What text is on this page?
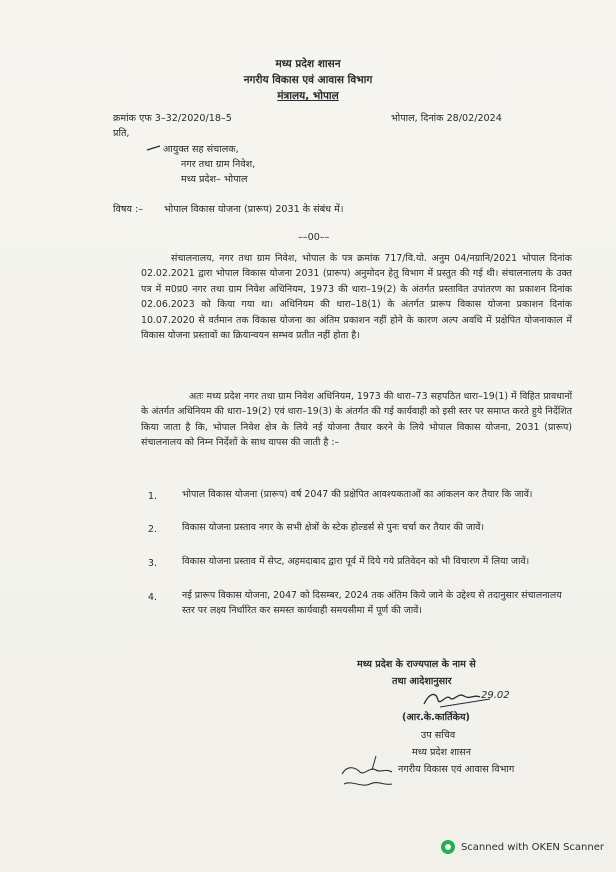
मध्य प्रदेश शासन
नगरीय विकास एवं आवास विभाग
मंत्रालय, भोपाल
क्रमांक एफ 3–32/2020/18–5	भोपाल, दिनांक 28/02/2024
प्रति,
आयुक्त सह संचालक,
नगर तथा ग्राम निवेश,
मध्य प्रदेश– भोपाल
विषय :– भोपाल विकास योजना (प्रारूप) 2031 के संबंध में।
––00––
संचालनालय, नगर तथा ग्राम निवेश, भोपाल के पत्र क्रमांक 717/वि.यो. अनुम 04/नग्रानि/2021 भोपाल दिनांक 02.02.2021 द्वारा भोपाल विकास योजना 2031 (प्रारूप) अनुमोदन हेतु विभाग में प्रस्तुत की गई थी। संचालनालय के उक्त पत्र में म0प्र0 नगर तथा ग्राम निवेश अधिनियम, 1973 की धारा–19(2) के अंतर्गत प्रस्तावित उपांतरण का प्रकाशन दिनांक 02.06.2023 को किया गया था। अधिनियम की धारा–18(1) के अंतर्गत प्रारूप विकास योजना प्रकाशन दिनांक 10.07.2020 से वर्तमान तक विकास योजना का अंतिम प्रकाशन नहीं होने के कारण अल्प अवधि में प्रक्षेपित योजनाकाल में विकास योजना प्रस्तावों का क्रियान्वयन सम्भव प्रतीत नहीं होता है।
अतः मध्य प्रदेश नगर तथा ग्राम निवेश अधिनियम, 1973 की धारा–73 सहपठित धारा–19(1) में विहित प्रावधानों के अंतर्गत अधिनियम की धारा–19(2) एवं धारा–19(3) के अंतर्गत की गई कार्यवाही को इसी स्तर पर समाप्त करते हुये निर्देशित किया जाता है कि, भोपाल निवेश क्षेत्र के लिये नई योजना तैयार करने के लिये भोपाल विकास योजना, 2031 (प्रारूप) संचालनालय को निम्न निर्देशों के साथ वापस की जाती है :–
1.	भोपाल विकास योजना (प्रारूप) वर्ष 2047 की प्रक्षेपित आवश्यकताओं का आंकलन कर तैयार कि जावें।
2.	विकास योजना प्रस्ताव नगर के सभी क्षेत्रों के स्टेक होल्डर्स से पुनः चर्चा कर तैयार की जावें।
3.	विकास योजना प्रस्ताव में सेप्ट, अहमदाबाद द्वारा पूर्व में दिये गये प्रतिवेदन को भी विचारण में लिया जावें।
4.	नई प्रारूप विकास योजना, 2047 को दिसम्बर, 2024 तक अंतिम किये जाने के उद्देश्य से तदानुसार संचालनालय स्तर पर लक्ष्य निर्धारित कर समस्त कार्यवाही समयसीमा में पूर्ण की जावें।
मध्य प्रदेश के राज्यपाल के नाम से
तथा आदेशानुसार
29.02
(आर.के.कार्तिकेय)
उप सचिव
मध्य प्रदेश शासन
नगरीय विकास एवं आवास विभाग
Scanned with OKEN Scanner
